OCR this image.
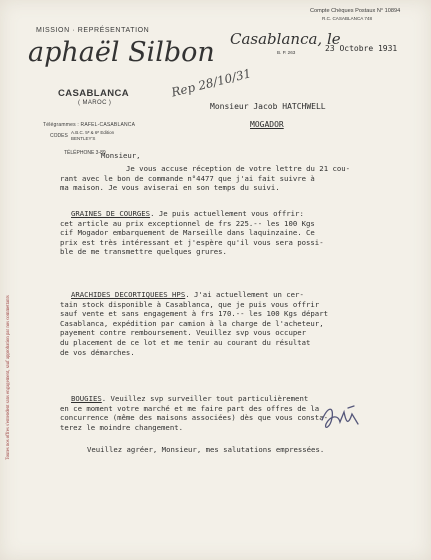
Toutes nos offres s'entendent sans engagement, sauf approbation par nos commettants
MISSION · REPRÉSENTATION
aphaël Silbon
CASABLANCA
( MAROC )
Télégrammes : RAFEL-CASABLANCA
CODES
A.B.C. 5ᵉ & 6ᵉ Edition
BENTLEY'S
TÉLÉPHONE 3-89
Compte Chèques Postaux N° 10894
R.C. CASABLANCA 748
Casablanca, le
B. P. 263	23 Octobre 1931
Rep 28/10/31
Monsieur Jacob HATCHWELL
MOGADOR
Monsieur,
Je vous accuse réception de votre lettre du 21 cou-
rant avec le bon de commande n°4477 que j'ai fait suivre à
ma maison. Je vous aviserai en son temps du suivi.
GRAINES DE COURGES. Je puis actuellement vous offrir:
cet article au prix exceptionnel de frs 225.-- les 100 Kgs
cif Mogador embarquement de Marseille dans laquinzaine. Ce
prix est très intéressant et j'espère qu'il vous sera possi-
ble de me transmettre quelques grures.
ARACHIDES DECORTIQUEES HPS. J'ai actuellement un cer-
tain stock disponible à Casablanca, que je puis vous offrir
sauf vente et sans engagement à frs 170.-- les 100 Kgs départ
Casablanca, expédition par camion à la charge de l'acheteur,
payement contre remboursement. Veuillez svp vous occuper
du placement de ce lot et me tenir au courant du résultat
de vos démarches.
BOUGIES. Veuillez svp surveiller tout particulièrement
en ce moment votre marché et me faire part des offres de la
concurrence (même des maisons associées) dès que vous consta-
terez le moindre changement.
Veuillez agréer, Monsieur, mes salutations empressées.
